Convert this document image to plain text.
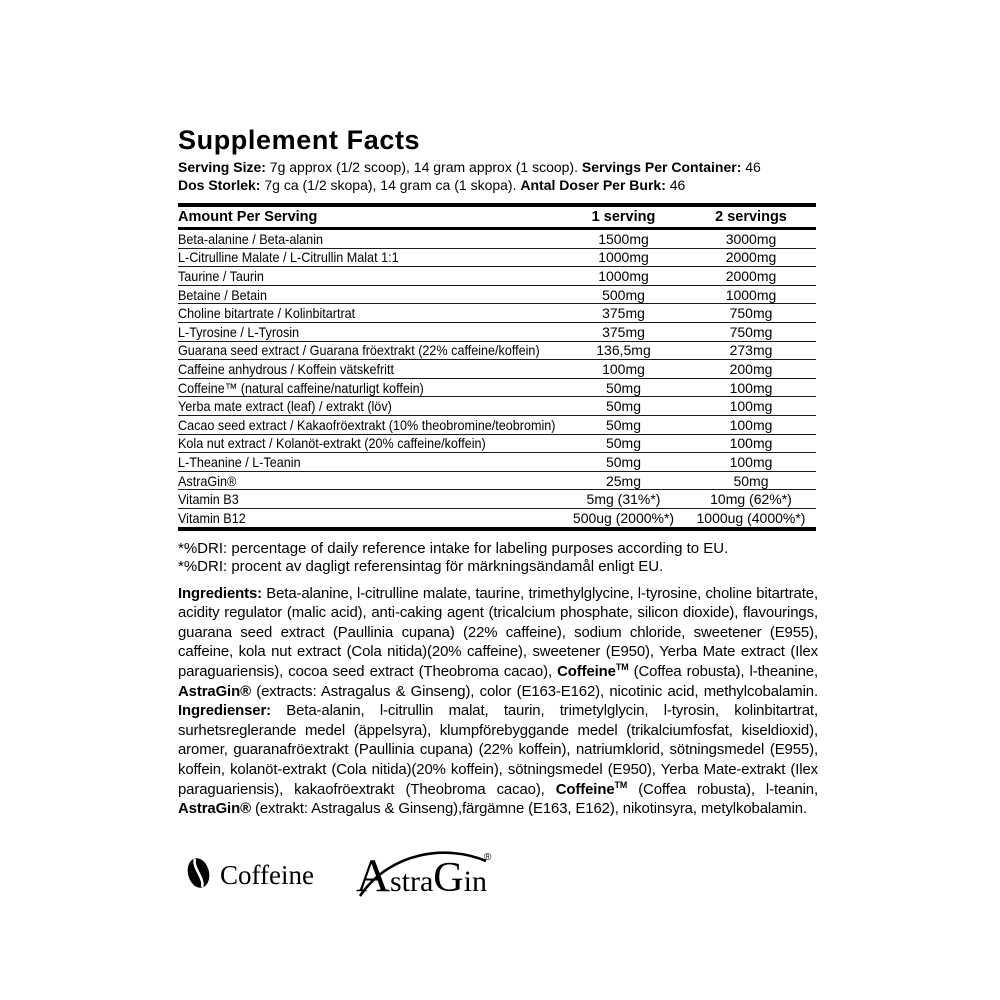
Supplement Facts

Serving Size: 7g approx (1/2 scoop), 14 gram approx (1 scoop). Servings Per Container: 46

Dos Storlek: 7g ca (1/2 skopa), 14 gram ca (1 skopa). Antal Doser Per Burk: 46

Amount Per Serving	1 serving	2 servings
Beta-alanine / Beta-alanin	1500mg	3000mg
L-Citrulline Malate / L-Citrullin Malat 1:1	1000mg	2000mg
Taurine / Taurin	1000mg	2000mg
Betaine / Betain	500mg	1000mg
Choline bitartrate / Kolinbitartrat	375mg	750mg
L-Tyrosine / L-Tyrosin	375mg	750mg
Guarana seed extract / Guarana fröextrakt (22% caffeine/koffein)	136,5mg	273mg
Caffeine anhydrous / Koffein vätskefritt	100mg	200mg
Coffeine™ (natural caffeine/naturligt koffein)	50mg	100mg
Yerba mate extract (leaf) / extrakt (löv)	50mg	100mg
Cacao seed extract / Kakaofröextrakt (10% theobromine/teobromin)	50mg	100mg
Kola nut extract / Kolanöt-extrakt (20% caffeine/koffein)	50mg	100mg
L-Theanine / L-Teanin	50mg	100mg
AstraGin®	25mg	50mg
Vitamin B3	5mg (31%*)	10mg (62%*)
Vitamin B12	500ug (2000%*)	1000ug (4000%*)

*%DRI: percentage of daily reference intake for labeling purposes according to EU.

*%DRI: procent av dagligt referensintag för märkningsändamål enligt EU.

Ingredients: Beta-alanine, l-citrulline malate, taurine, trimethylglycine, l-tyrosine, choline bitartrate, acidity regulator (malic acid), anti-caking agent (tricalcium phosphate, silicon dioxide), flavourings, guarana seed extract (Paullinia cupana) (22% caffeine), sodium chloride, sweetener (E955), caffeine, kola nut extract (Cola nitida)(20% caffeine), sweetener (E950), Yerba Mate extract (Ilex paraguariensis), cocoa seed extract (Theobroma cacao), Coffeine™ (Coffea robusta), l-theanine, AstraGin® (extracts: Astragalus & Ginseng), color (E163-E162), nicotinic acid, methylcobalamin. Ingredienser: Beta-alanin, l-citrullin malat, taurin, trimetylglycin, l-tyrosin, kolinbitartrat, surhetsreglerande medel (äppelsyra), klumpförebyggande medel (trikalciumfosfat, kiseldioxid), aromer, guaranafröextrakt (Paullinia cupana) (22% koffein), natriumklorid, sötningsmedel (E955), koffein, kolanöt-extrakt (Cola nitida)(20% koffein), sötningsmedel (E950), Yerba Mate-extrakt (Ilex paraguariensis), kakaofröextrakt (Theobroma cacao), Coffeine™ (Coffea robusta), l-teanin, AstraGin® (extrakt: Astragalus & Ginseng),färgämne (E163, E162), nikotinsyra, metylkobalamin.

Coffeine AstraGin
®
